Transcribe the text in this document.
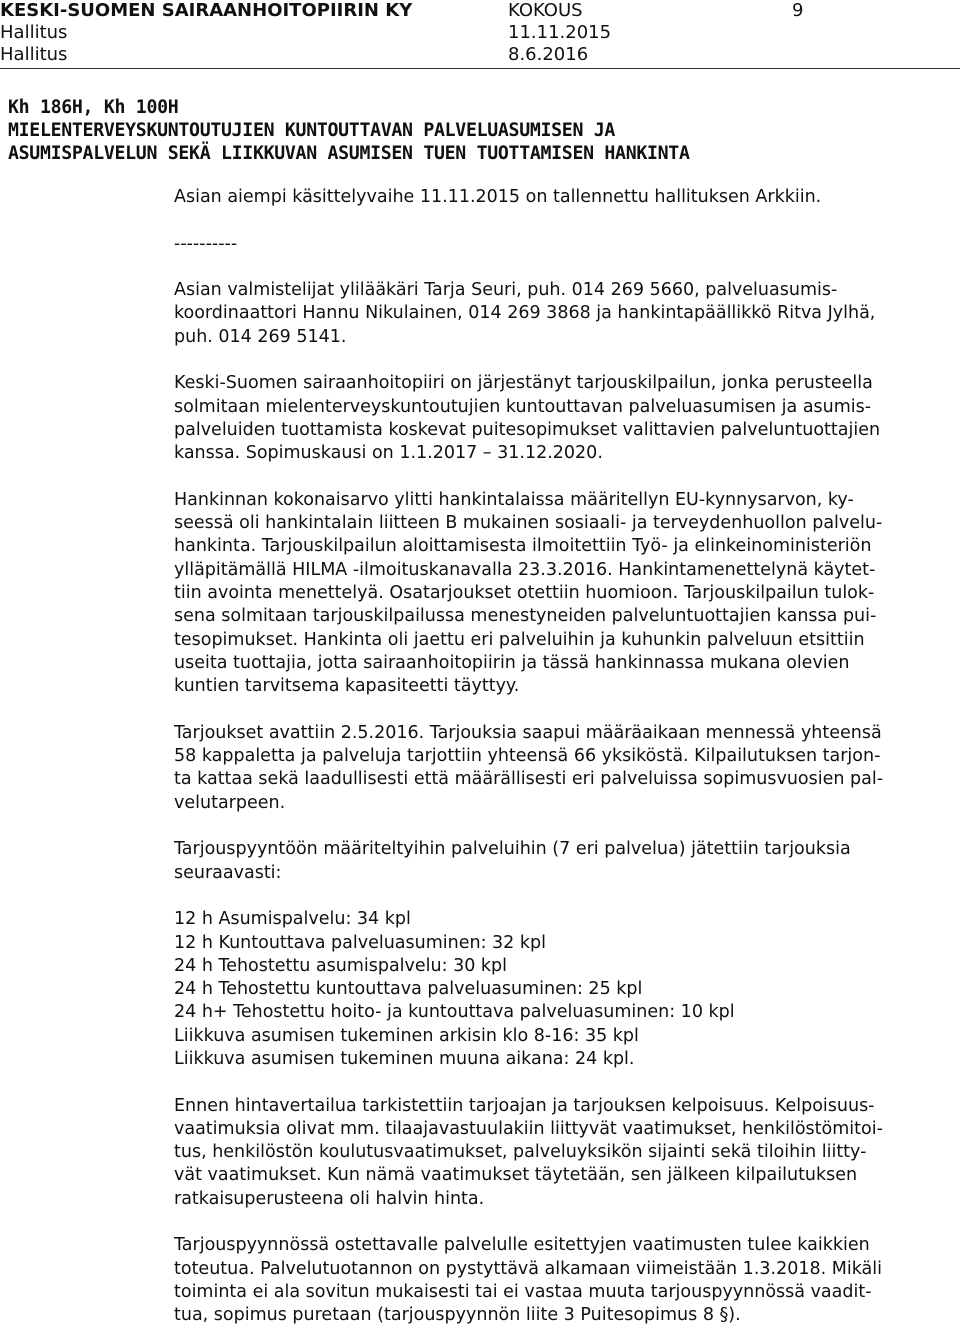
KESKI-SUOMEN SAIRAANHOITOPIIRIN KY	KOKOUS	9
Hallitus	11.11.2015
Hallitus	8.6.2016
Kh 186H, Kh 100H
MIELENTERVEYSKUNTOUTUJIEN KUNTOUTTAVAN PALVELUASUMISEN JA
ASUMISPALVELUN SEKÄ LIIKKUVAN ASUMISEN TUEN TUOTTAMISEN HANKINTA

Asian aiempi käsittelyvaihe 11.11.2015 on tallennettu hallituksen Arkkiin.

----------

Asian valmistelijat ylilääkäri Tarja Seuri, puh. 014 269 5660, palveluasumis-

koordinaattori Hannu Nikulainen, 014 269 3868 ja hankintapäällikkö Ritva Jylhä,

puh. 014 269 5141.

Keski-Suomen sairaanhoitopiiri on järjestänyt tarjouskilpailun, jonka perusteella

solmitaan mielenterveyskuntoutujien kuntouttavan palveluasumisen ja asumis-

palveluiden tuottamista koskevat puitesopimukset valittavien palveluntuottajien

kanssa. Sopimuskausi on 1.1.2017 – 31.12.2020.

Hankinnan kokonaisarvo ylitti hankintalaissa määritellyn EU-kynnysarvon, ky-

seessä oli hankintalain liitteen B mukainen sosiaali- ja terveydenhuollon palvelu-

hankinta. Tarjouskilpailun aloittamisesta ilmoitettiin Työ- ja elinkeinoministeriön

ylläpitämällä HILMA -ilmoituskanavalla 23.3.2016. Hankintamenettelynä käytet-

tiin avointa menettelyä. Osatarjoukset otettiin huomioon. Tarjouskilpailun tulok-

sena solmitaan tarjouskilpailussa menestyneiden palveluntuottajien kanssa pui-

tesopimukset. Hankinta oli jaettu eri palveluihin ja kuhunkin palveluun etsittiin

useita tuottajia, jotta sairaanhoitopiirin ja tässä hankinnassa mukana olevien

kuntien tarvitsema kapasiteetti täyttyy.

Tarjoukset avattiin 2.5.2016. Tarjouksia saapui määräaikaan mennessä yhteensä

58 kappaletta ja palveluja tarjottiin yhteensä 66 yksiköstä. Kilpailutuksen tarjon-

ta kattaa sekä laadullisesti että määrällisesti eri palveluissa sopimusvuosien pal-

velutarpeen.

Tarjouspyyntöön määriteltyihin palveluihin (7 eri palvelua) jätettiin tarjouksia

seuraavasti:

12 h Asumispalvelu: 34 kpl
12 h Kuntouttava palveluasuminen: 32 kpl
24 h Tehostettu asumispalvelu: 30 kpl
24 h Tehostettu kuntouttava palveluasuminen: 25 kpl
24 h+ Tehostettu hoito- ja kuntouttava palveluasuminen: 10 kpl
Liikkuva asumisen tukeminen arkisin klo 8-16: 35 kpl
Liikkuva asumisen tukeminen muuna aikana: 24 kpl.

Ennen hintavertailua tarkistettiin tarjoajan ja tarjouksen kelpoisuus. Kelpoisuus-

vaatimuksia olivat mm. tilaajavastuulakiin liittyvät vaatimukset, henkilöstömitoi-

tus, henkilöstön koulutusvaatimukset, palveluyksikön sijainti sekä tiloihin liitty-

vät vaatimukset. Kun nämä vaatimukset täytetään, sen jälkeen kilpailutuksen

ratkaisuperusteena oli halvin hinta.

Tarjouspyynnössä ostettavalle palvelulle esitettyjen vaatimusten tulee kaikkien

toteutua. Palvelutuotannon on pystyttävä alkamaan viimeistään 1.3.2018. Mikäli

toiminta ei ala sovitun mukaisesti tai ei vastaa muuta tarjouspyynnössä vaadit-

tua, sopimus puretaan (tarjouspyynnön liite 3 Puitesopimus 8 §).
